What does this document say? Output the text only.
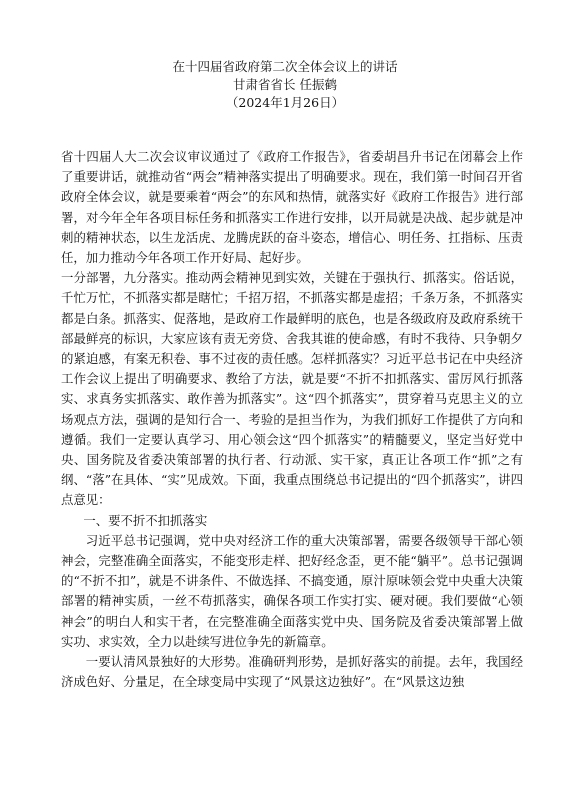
在十四届省政府第二次全体会议上的讲话
甘肃省省长 任振鹤
（2024年1月26日）

省十四届人大二次会议审议通过了《政府工作报告》，省委胡昌升书记在闭幕会上作了重要讲话，就推动省“两会”精神落实提出了明确要求。现在，我们第一时间召开省政府全体会议，就是要乘着“两会”的东风和热情，就落实好《政府工作报告》进行部署，对今年全年各项目标任务和抓落实工作进行安排，以开局就是决战、起步就是冲刺的精神状态，以生龙活虎、龙腾虎跃的奋斗姿态，增信心、明任务、扛指标、压责任，加力推动今年各项工作开好局、起好步。

一分部署，九分落实。推动两会精神见到实效，关键在于强执行、抓落实。俗话说，千忙万忙，不抓落实都是瞎忙；千招万招，不抓落实都是虚招；千条万条，不抓落实都是白条。抓落实、促落地，是政府工作最鲜明的底色，也是各级政府及政府系统干部最鲜亮的标识，大家应该有责无旁贷、舍我其谁的使命感，有时不我待、只争朝夕的紧迫感，有案无积卷、事不过夜的责任感。怎样抓落实？习近平总书记在中央经济工作会议上提出了明确要求、教给了方法，就是要“不折不扣抓落实、雷厉风行抓落实、求真务实抓落实、敢作善为抓落实”。这“四个抓落实”，贯穿着马克思主义的立场观点方法，强调的是知行合一、考验的是担当作为，为我们抓好工作提供了方向和遵循。我们一定要认真学习、用心领会这“四个抓落实”的精髓要义，坚定当好党中央、国务院及省委决策部署的执行者、行动派、实干家，真正让各项工作“抓”之有纲、“落”在具体、“实”见成效。下面，我重点围绕总书记提出的“四个抓落实”，讲四点意见：

一、要不折不扣抓落实

习近平总书记强调，党中央对经济工作的重大决策部署，需要各级领导干部心领神会，完整准确全面落实，不能变形走样、把好经念歪，更不能“躺平”。总书记强调的“不折不扣”，就是不讲条件、不做选择、不搞变通，原汁原味领会党中央重大决策部署的精神实质，一丝不苟抓落实，确保各项工作实打实、硬对硬。我们要做“心领神会”的明白人和实干者，在完整准确全面落实党中央、国务院及省委决策部署上做实功、求实效，全力以赴续写进位争先的新篇章。

一要认清风景独好的大形势。准确研判形势，是抓好落实的前提。去年，我国经济成色好、分量足，在全球变局中实现了“风景这边独好”。在“风景这边独
